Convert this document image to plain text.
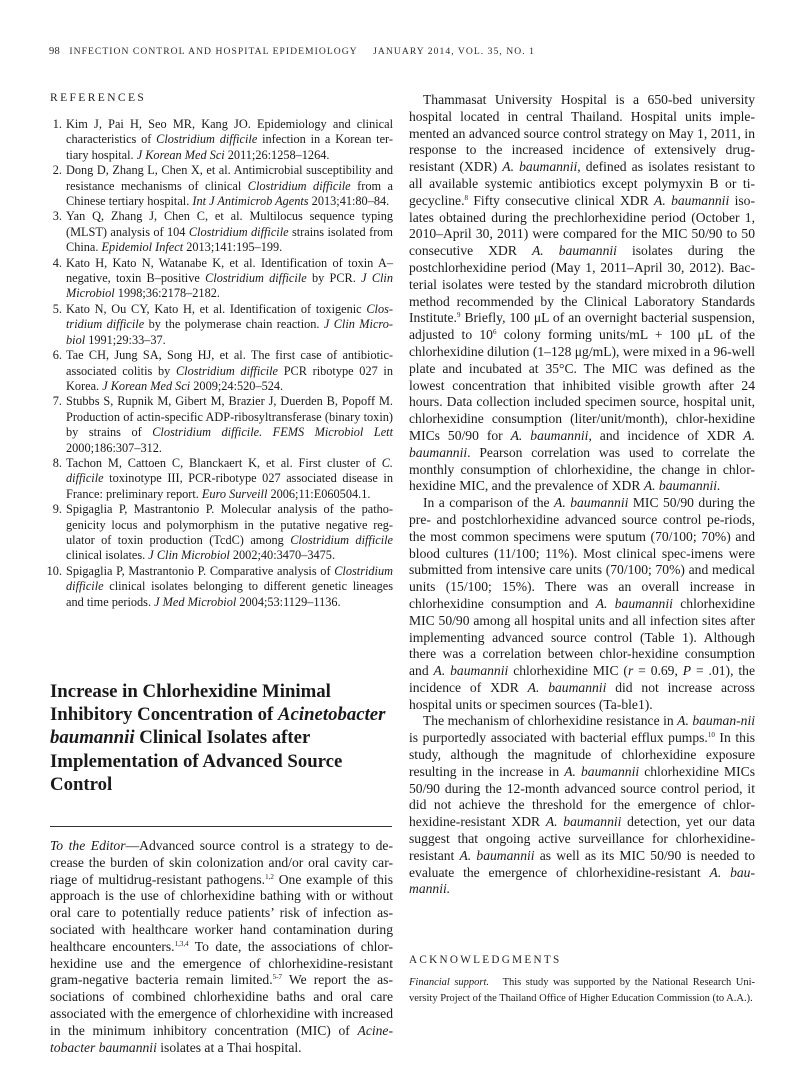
98 INFECTION CONTROL AND HOSPITAL EPIDEMIOLOGY JANUARY 2014, VOL. 35, NO. 1
REFERENCES
1. Kim J, Pai H, Seo MR, Kang JO. Epidemiology and clinical characteristics of Clostridium difficile infection in a Korean ter-tiary hospital. J Korean Med Sci 2011;26:1258–1264.
2. Dong D, Zhang L, Chen X, et al. Antimicrobial susceptibility and resistance mechanisms of clinical Clostridium difficile from a Chinese tertiary hospital. Int J Antimicrob Agents 2013;41:80–84.
3. Yan Q, Zhang J, Chen C, et al. Multilocus sequence typing (MLST) analysis of 104 Clostridium difficile strains isolated from China. Epidemiol Infect 2013;141:195–199.
4. Kato H, Kato N, Watanabe K, et al. Identification of toxin A–negative, toxin B–positive Clostridium difficile by PCR. J Clin Microbiol 1998;36:2178–2182.
5. Kato N, Ou CY, Kato H, et al. Identification of toxigenic Clos-tridium difficile by the polymerase chain reaction. J Clin Micro-biol 1991;29:33–37.
6. Tae CH, Jung SA, Song HJ, et al. The first case of antibiotic-associated colitis by Clostridium difficile PCR ribotype 027 in Korea. J Korean Med Sci 2009;24:520–524.
7. Stubbs S, Rupnik M, Gibert M, Brazier J, Duerden B, Popoff M. Production of actin-specific ADP-ribosyltransferase (binary toxin) by strains of Clostridium difficile. FEMS Microbiol Lett 2000;186:307–312.
8. Tachon M, Cattoen C, Blanckaert K, et al. First cluster of C. difficile toxinotype III, PCR-ribotype 027 associated disease in France: preliminary report. Euro Surveill 2006;11:E060504.1.
9. Spigaglia P, Mastrantonio P. Molecular analysis of the patho-genicity locus and polymorphism in the putative negative reg-ulator of toxin production (TcdC) among Clostridium difficile clinical isolates. J Clin Microbiol 2002;40:3470–3475.
10. Spigaglia P, Mastrantonio P. Comparative analysis of Clostridium difficile clinical isolates belonging to different genetic lineages and time periods. J Med Microbiol 2004;53:1129–1136.
Increase in Chlorhexidine Minimal Inhibitory Concentration of Acinetobacter baumannii Clinical Isolates after Implementation of Advanced Source Control

To the Editor—Advanced source control is a strategy to de-crease the burden of skin colonization and/or oral cavity car-riage of multidrug-resistant pathogens.$^{1,2}$ One example of this approach is the use of chlorhexidine bathing with or without oral care to potentially reduce patients’ risk of infection as-sociated with healthcare worker hand contamination during healthcare encounters.$^{1,3,4}$ To date, the associations of chlor-hexidine use and the emergence of chlorhexidine-resistant gram-negative bacteria remain limited.$^{5-7}$ We report the as-sociations of combined chlorhexidine baths and oral care associated with the emergence of chlorhexidine with increased in the minimum inhibitory concentration (MIC) of Acine-tobacter baumannii isolates at a Thai hospital.

Thammasat University Hospital is a 650-bed university hospital located in central Thailand. Hospital units imple-mented an advanced source control strategy on May 1, 2011, in response to the increased incidence of extensively drug-resistant (XDR) A. baumannii, defined as isolates resistant to all available systemic antibiotics except polymyxin B or ti-gecycline.$^8$ Fifty consecutive clinical XDR A. baumannii iso-lates obtained during the prechlorhexidine period (October 1, 2010–April 30, 2011) were compared for the MIC 50/90 to 50 consecutive XDR A. baumannii isolates during the postchlorhexidine period (May 1, 2011–April 30, 2012). Bac-terial isolates were tested by the standard microbroth dilution method recommended by the Clinical Laboratory Standards Institute.$^9$ Briefly, 100 μL of an overnight bacterial suspension, adjusted to $10^6$ colony forming units/mL + 100 μL of the chlorhexidine dilution (1–128 μg/mL), were mixed in a 96-well plate and incubated at 35°C. The MIC was defined as the lowest concentration that inhibited visible growth after 24 hours. Data collection included specimen source, hospital unit, chlorhexidine consumption (liter/unit/month), chlor-hexidine MICs 50/90 for A. baumannii, and incidence of XDR A. baumannii. Pearson correlation was used to correlate the monthly consumption of chlorhexidine, the change in chlor-hexidine MIC, and the prevalence of XDR A. baumannii.

In a comparison of the A. baumannii MIC 50/90 during the pre- and postchlorhexidine advanced source control pe-riods, the most common specimens were sputum (70/100; 70%) and blood cultures (11/100; 11%). Most clinical spec-imens were submitted from intensive care units (70/100; 70%) and medical units (15/100; 15%). There was an overall increase in chlorhexidine consumption and A. baumannii chlorhexidine MIC 50/90 among all hospital units and all infection sites after implementing advanced source control (Table 1). Although there was a correlation between chlor-hexidine consumption and A. baumannii chlorhexidine MIC (r = 0.69, P = .01), the incidence of XDR A. baumannii did not increase across hospital units or specimen sources (Ta-ble1).

The mechanism of chlorhexidine resistance in A. bauman-nii is purportedly associated with bacterial efflux pumps.$^{10}$ In this study, although the magnitude of chlorhexidine exposure resulting in the increase in A. baumannii chlorhexidine MICs 50/90 during the 12-month advanced source control period, it did not achieve the threshold for the emergence of chlor-hexidine-resistant XDR A. baumannii detection, yet our data suggest that ongoing active surveillance for chlorhexidine-resistant A. baumannii as well as its MIC 50/90 is needed to evaluate the emergence of chlorhexidine-resistant A. bau-mannii.

ACKNOWLEDGMENTS

Financial support. This study was supported by the National Research Uni-versity Project of the Thailand Office of Higher Education Commission (to A.A.).
